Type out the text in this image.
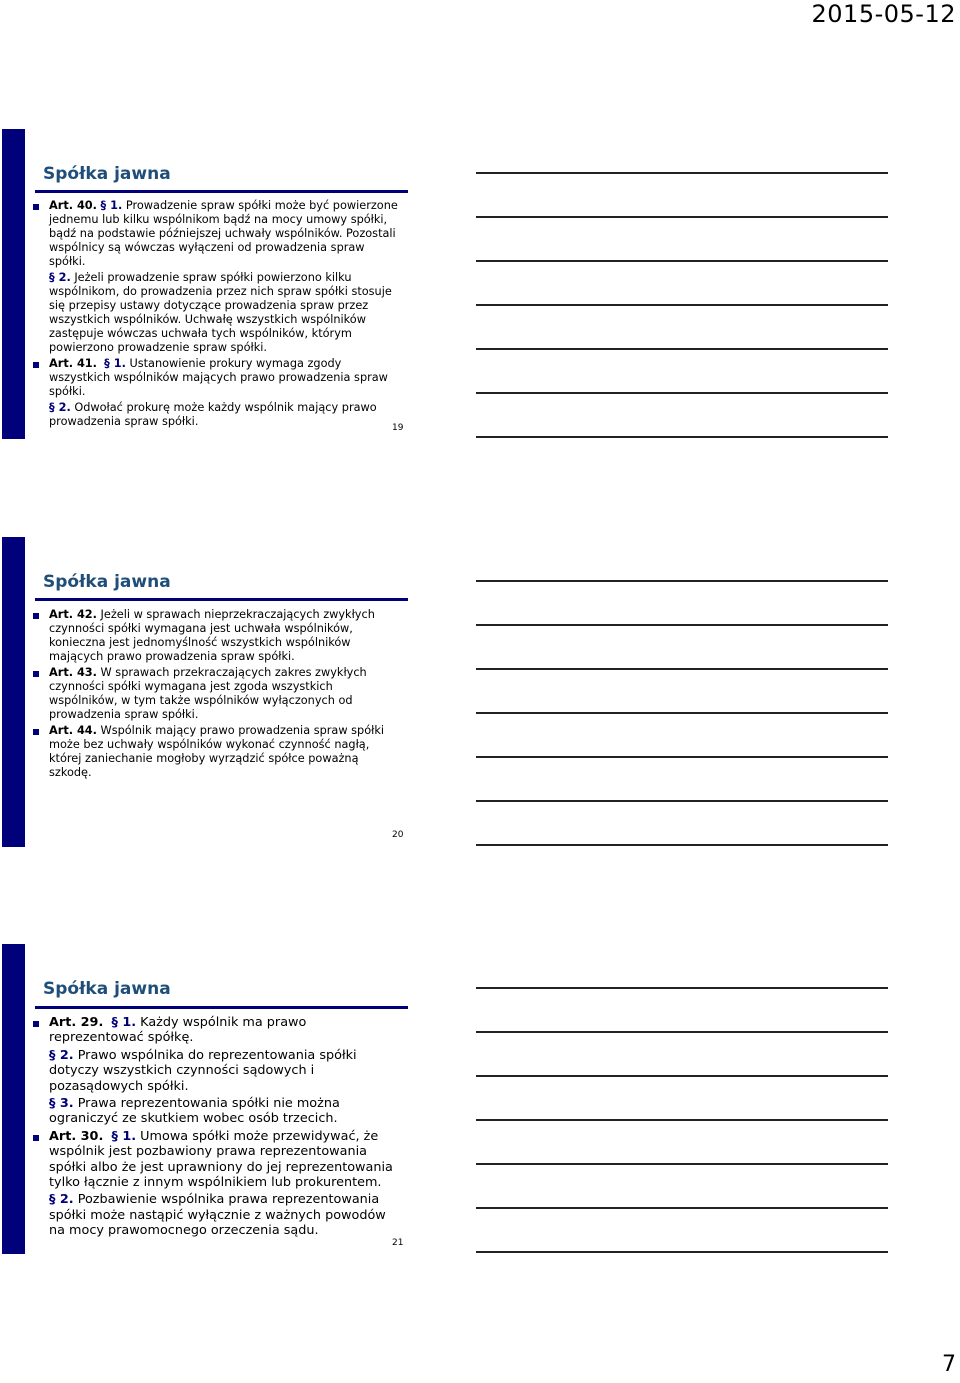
2015-05-12
Spółka jawna

Art. 40. § 1. Prowadzenie spraw spółki może być powierzone jednemu lub kilku wspólnikom bądź na mocy umowy spółki, bądź na podstawie późniejszej uchwały wspólników. Pozostali wspólnicy są wówczas wyłączeni od prowadzenia spraw spółki.

§ 2. Jeżeli prowadzenie spraw spółki powierzono kilku wspólnikom, do prowadzenia przez nich spraw spółki stosuje się przepisy ustawy dotyczące prowadzenia spraw przez wszystkich wspólników. Uchwałę wszystkich wspólników zastępuje wówczas uchwała tych wspólników, którym powierzono prowadzenie spraw spółki.

Art. 41. § 1. Ustanowienie prokury wymaga zgody wszystkich wspólników mających prawo prowadzenia spraw spółki.

§ 2. Odwołać prokurę może każdy wspólnik mający prawo prowadzenia spraw spółki.	19
Spółka jawna

Art. 42. Jeżeli w sprawach nieprzekraczających zwykłych czynności spółki wymagana jest uchwała wspólników, konieczna jest jednomyślność wszystkich wspólników mających prawo prowadzenia spraw spółki.

Art. 43. W sprawach przekraczających zakres zwykłych czynności spółki wymagana jest zgoda wszystkich wspólników, w tym także wspólników wyłączonych od prowadzenia spraw spółki.

Art. 44. Wspólnik mający prawo prowadzenia spraw spółki może bez uchwały wspólników wykonać czynność nagłą, której zaniechanie mogłoby wyrządzić spółce poważną szkodę.

20
Spółka jawna

Art. 29. § 1. Każdy wspólnik ma prawo reprezentować spółkę.

§ 2. Prawo wspólnika do reprezentowania spółki dotyczy wszystkich czynności sądowych i pozasądowych spółki.

§ 3. Prawa reprezentowania spółki nie można ograniczyć ze skutkiem wobec osób trzecich.

Art. 30. § 1. Umowa spółki może przewidywać, że wspólnik jest pozbawiony prawa reprezentowania spółki albo że jest uprawniony do jej reprezentowania tylko łącznie z innym wspólnikiem lub prokurentem.

§ 2. Pozbawienie wspólnika prawa reprezentowania spółki może nastąpić wyłącznie z ważnych powodów na mocy prawomocnego orzeczenia sądu.

21
7
